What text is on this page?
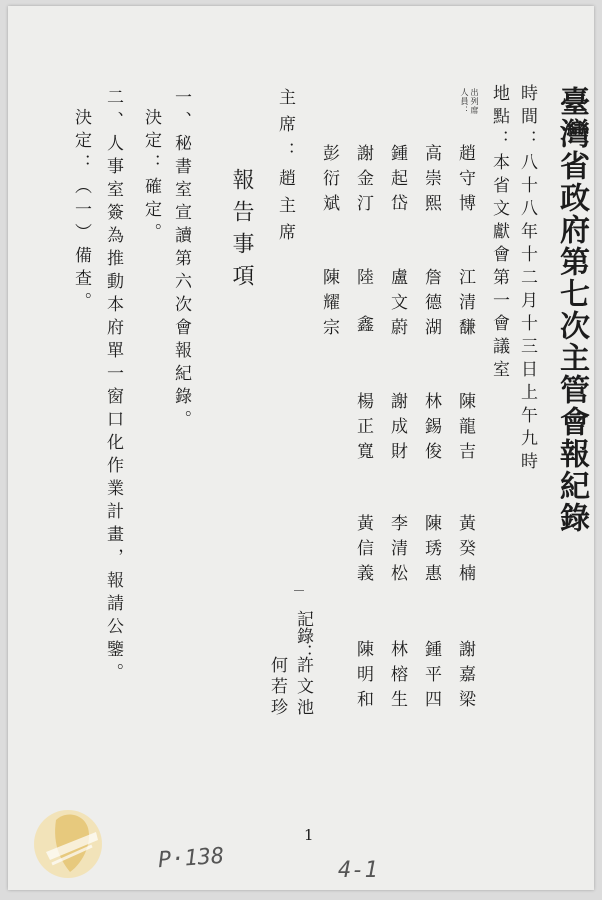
臺灣省政府第七次主管會報紀錄
時間：八十八年十二月十三日上午九時
地點：本省文獻會第一會議室
出列席
人員：
趙守博
江清馦
陳龍吉
黃癸楠
謝嘉梁
高崇熙
詹德湖
林錫俊
陳琇惠
鍾平四
鍾起岱
盧文蔚
謝成財
李清松
林榕生
謝金汀
陸鑫
楊正寬
黃信義
陳明和
彭衍斌
陳耀宗
主席：趙主席
記錄：
許文池
何若珍
報告事項
一、秘書室宣讀第六次會報紀錄。
決定：確定。
二、人事室簽為推動本府單一窗口化作業計畫，報請公鑒。
決定：（一）備查。
1
P·138	4-1
